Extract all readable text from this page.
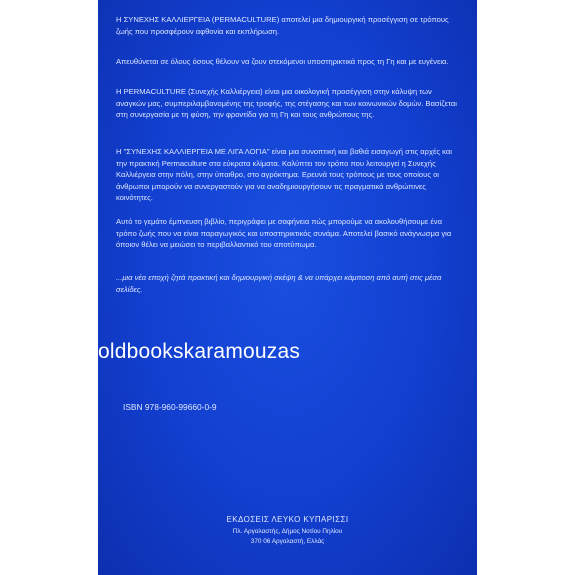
Η ΣΥΝΕΧΗΣ ΚΑΛΛΙΕΡΓΕΙΑ (PERMACULTURE) αποτελεί μια δημιουργική προσέγγιση σε τρόπους ζωής που προσφέρουν αφθονία και εκπλήρωση.

Απευθύνεται σε όλους όσους θέλουν να ζουν στεκόμενοι υποστηρικτικά προς τη Γη και με ευγένεια.

Η PERMACULTURE (Συνεχής Καλλιέργεια) είναι μια οικολογική προσέγγιση στην κάλυψη των αναγκών μας, συμπεριλαμβανομένης της τροφής, της στέγασης και των κοινωνικών δομών. Βασίζεται στη συνεργασία με τη φύση, την φροντίδα για τη Γη και τους ανθρώπους της.

Η "ΣΥΝΕΧΗΣ ΚΑΛΛΙΕΡΓΕΙΑ ΜΕ ΛΙΓΑ ΛΟΓΙΑ" είναι μια συνοπτική και βαθιά εισαγωγή στις αρχές και την πρακτική Permaculture στα εύκρατα κλίματα. Καλύπτει τον τρόπο που λειτουργεί η Συνεχής Καλλιέργεια στην πόλη, στην ύπαιθρο, στο αγρόκτημα. Ερευνά τους τρόπους με τους οποίους οι άνθρωποι μπορούν να συνεργαστούν για να αναδημιουργήσουν τις πραγματικά ανθρώπινες κοινότητες.

Αυτό το γεμάτο έμπνευση βιβλίο, περιγράφει με σαφήνεια πώς μπορούμε να ακολουθήσουμε ένα τρόπο ζωής που να είναι παραγωγικός και υποστηρικτικός συνάμα. Αποτελεί βασικό ανάγνωσμα για όποιον θέλει να μειώσει το περιβαλλαντικό του αποτύπωμα.

...μια νέα εποχή ζητά πρακτική και δημιουργική σκέψη & να υπάρχει κάμποση από αυτή στις μέσα σελίδες.

ISBN 978-960-99660-0-9

ΕΚΔΟΣΕΙΣ ΛΕΥΚΟ ΚΥΠΑΡΙΣΣΙ

Πλ. Αργαλαστής, Δήμος Νοτίου Πηλίου
370 06 Αργαλαστή, Ελλάς

oldbookskaramouzas
